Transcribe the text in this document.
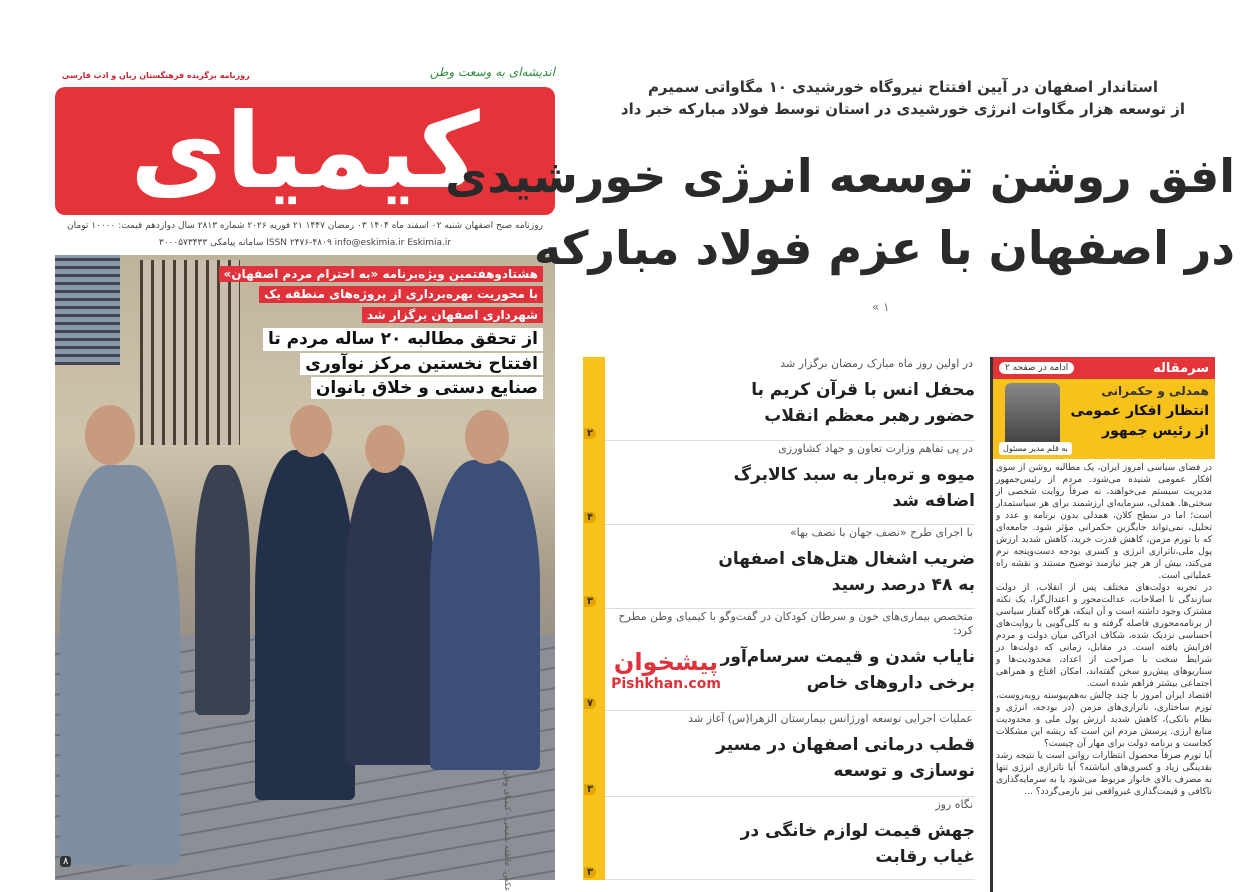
اندیشه‌ای به وسعت وطن
روزنامه برگزیده فرهنگستان زبان و ادب فارسی
کیمیای
روزنامه صبح اصفهان شنبه ۰۲ اسفند ماه ۱۴۰۴ ۰۳ رمضان ۱۴۴۷ ۲۱ فوریه ۲۰۲۶ شماره ۲۸۱۳ سال دوازدهم قیمت: ۱۰۰۰۰ تومان
ISSN ۲۴۷۶-۴۸۰۹ info@eskimia.ir Eskimia.ir سامانه پیامکی ۳۰۰۰۵۷۳۴۳۳
هشتادوهفتمین ویژه‌برنامه «به احترام مردم اصفهان»
با محوریت بهره‌برداری از پروژه‌های منطقه یک
شهرداری اصفهان برگزار شد
از تحقق مطالبه ۲۰ ساله مردم تا
افتتاح نخستین مرکز نوآوری
صنایع دستی و خلاق بانوان
عکس: عاطفه شفیعی - کیمیای وطن
۸
استاندار اصفهان در آیین افتتاح نیروگاه خورشیدی ۱۰ مگاواتی سمیرم
از توسعه هزار مگاوات انرژی خورشیدی در استان توسط فولاد مبارکه خبر داد
افق روشن توسعه انرژی خورشیدی
در اصفهان با عزم فولاد مبارکه
« ۱
در اولین روز ماه مبارک رمضان برگزار شد
محفل انس با قرآن کریم با حضور رهبر معظم انقلاب
۲
در پی تفاهم وزارت تعاون و جهاد کشاورزی
میوه و تره‌بار به سبد کالابرگ اضافه شد
۴
با اجرای طرح «نصف جهان با نصف بها»
ضریب اشغال هتل‌های اصفهان به ۴۸ درصد رسید
۳
متخصص بیماری‌های خون و سرطان کودکان در گفت‌وگو با کیمیای وطن مطرح کرد:
نایاب شدن و قیمت سرسام‌آور برخی داروهای خاص
۷
عملیات اجرایی توسعه اورژانس بیمارستان الزهرا(س) آغاز شد
قطب درمانی اصفهان در مسیر نوسازی و توسعه
۳
نگاه روز
جهش قیمت لوازم خانگی در غیاب رقابت
۳
پیشخوان
Pishkhan.com
سرمقاله
ادامه در صفحه ۲
همدلی و حکمرانی
انتظار افکار عمومی
از رئیس جمهور
به قلم مدیر مسئول

در فضای سیاسی امروز ایران، یک مطالبه روشن از سوی افکار عمومی شنیده می‌شود. مردم از رئیس‌جمهور مدیریت سیستم می‌خواهند، نه صرفاً روایت شخصی از سختی‌ها. همدلی، سرمایه‌ای ارزشمند برای هر سیاستمدار است؛ اما در سطح کلان، همدلی بدون برنامه و عدد و تحلیل، نمی‌تواند جایگزین حکمرانی مؤثر شود. جامعه‌ای که با تورم مزمن، کاهش قدرت خرید، کاهش شدید ارزش پول ملی،ناترازی انرژی و کسری بودجه دست‌وپنجه نرم می‌کند، بیش از هر چیز نیازمند توضیح مستند و نقشه راه عملیاتی است.

در تجربه دولت‌های مختلف پس از انقلاب، از دولت سازندگی تا اصلاحات، عدالت‌محور و اعتدال‌گرا، یک نکته مشترک وجود داشته است و آن اینکه، هرگاه گفتار سیاسی از برنامه‌محوری فاصله گرفته و به کلی‌گویی یا روایت‌های احساسی نزدیک شده، شکاف ادراکی میان دولت و مردم افزایش یافته است. در مقابل، زمانی که دولت‌ها در شرایط سخت با صراحت از اعداد، محدودیت‌ها و سناریوهای پیش‌رو سخن گفته‌اند، امکان اقناع و همراهی اجتماعی بیشتر فراهم شده است.

اقتصاد ایران امروز با چند چالش به‌هم‌پیوسته روبه‌روست، تورم ساختاری، ناترازی‌های مزمن (در بودجه، انرژی و نظام بانکی)، کاهش شدید ارزش پول ملی و محدودیت منابع ارزی. پرسش مردم این است که ریشه این مشکلات کجاست و برنامه دولت برای مهار آن چیست؟

آیا تورم صرفاً محصول انتظارات روانی است یا نتیجه رشد نقدینگی زیاد و کسری‌های انباشته؟ آیا ناترازی انرژی تنها به مصرف بالای خانوار مربوط می‌شود یا به سرمایه‌گذاری ناکافی و قیمت‌گذاری غیرواقعی نیز بازمی‌گردد؟ ...
